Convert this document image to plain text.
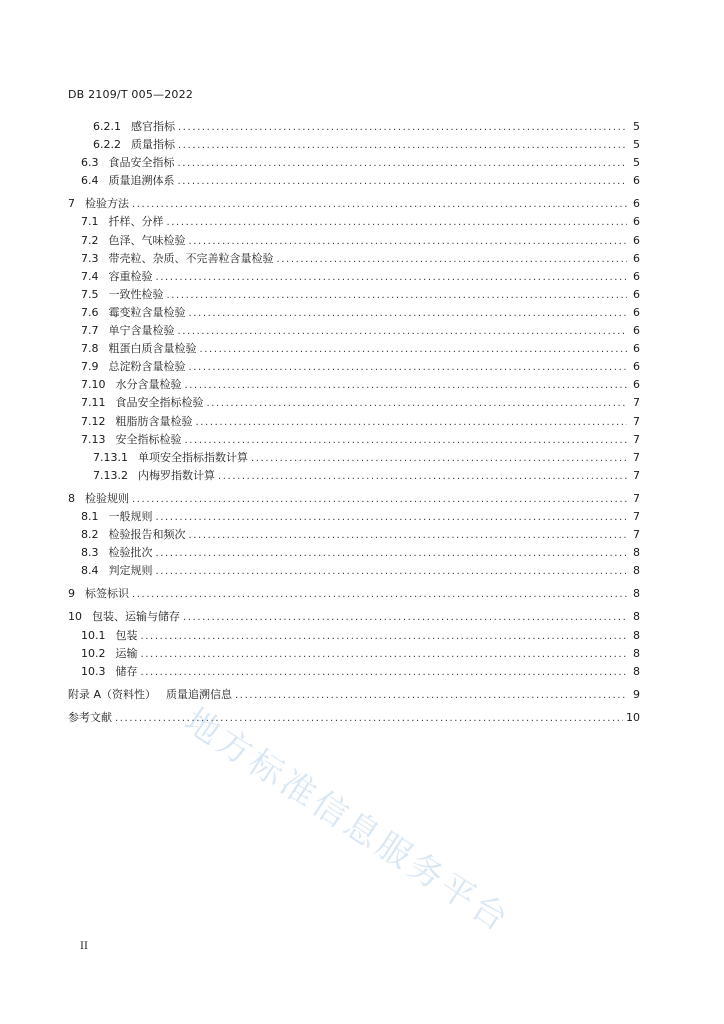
DB 2109/T 005—2022
6.2.1 感官指标 .....	5
6.2.2 质量指标 .....	5
6.3 食品安全指标 .....	5
6.4 质量追溯体系 .....	6
7 检验方法 .....	6
7.1 扦样、分样 .....	6
7.2 色泽、气味检验 .....	6
7.3 带壳粒、杂质、不完善粒含量检验 .....	6
7.4 容重检验 .....	6
7.5 一致性检验 .....	6
7.6 霉变粒含量检验 .....	6
7.7 单宁含量检验 .....	6
7.8 粗蛋白质含量检验 .....	6
7.9 总淀粉含量检验 .....	6
7.10 水分含量检验 .....	6
7.11 食品安全指标检验 .....	7
7.12 粗脂肪含量检验 .....	7
7.13 安全指标检验 .....	7
7.13.1 单项安全指标指数计算 .....	7
7.13.2 内梅罗指数计算 .....	7
8 检验规则 .....	7
8.1 一般规则 .....	7
8.2 检验报告和频次 .....	7
8.3 检验批次 .....	8
8.4 判定规则 .....	8
9 标签标识 .....	8
10 包装、运输与储存 .....	8
10.1 包装 .....	8
10.2 运输 .....	8
10.3 储存 .....	8
附录 A（资料性） 质量追溯信息 .....	9
参考文献 .....	10
II
地方标准信息服务平台
